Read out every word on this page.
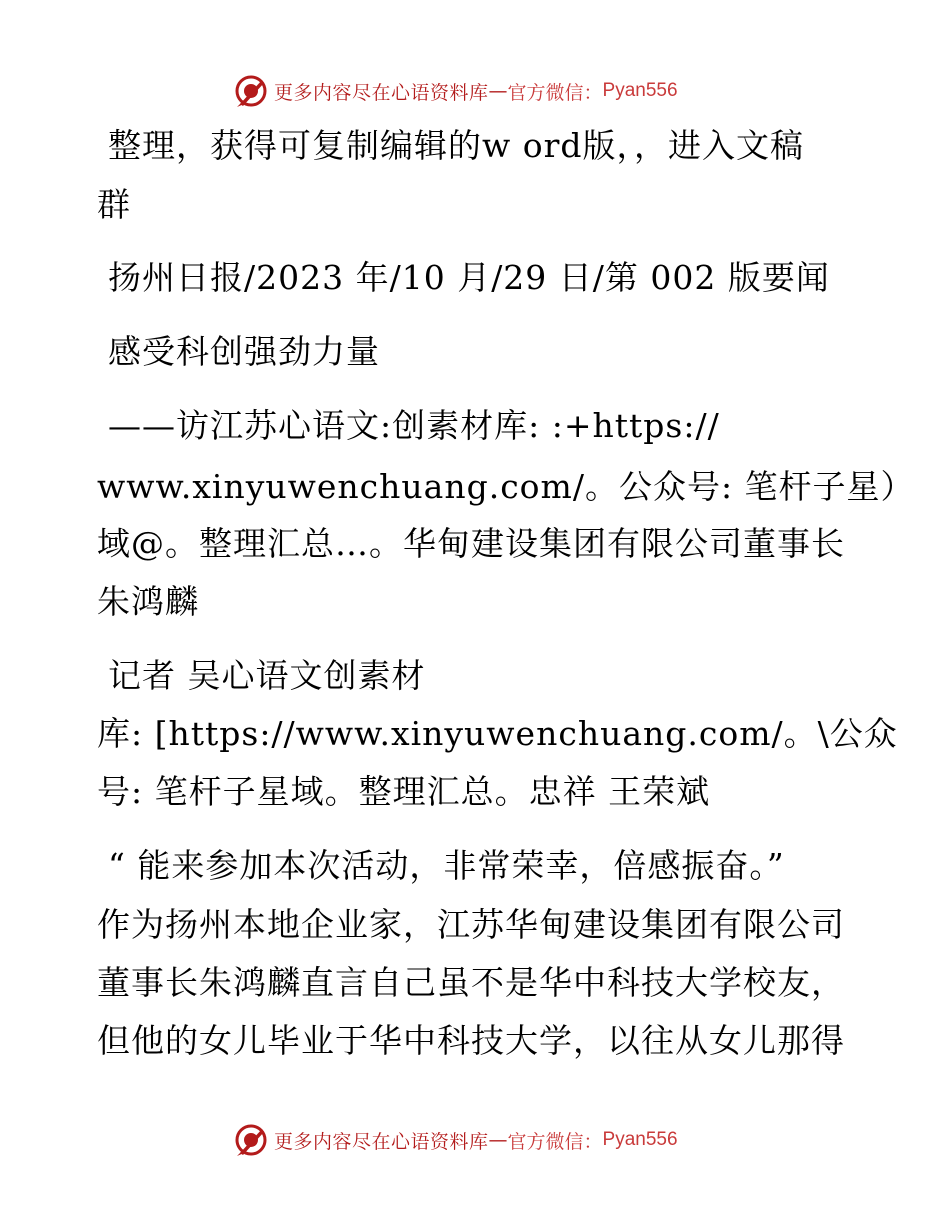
更多内容尽在心语资料库 — 官方微信： Pyan556
整理，获得可复制编辑的w ord版，，进入文稿
群
扬州日报/2023 年/10 月/29 日/第 002 版要闻
感受科创强劲力量
——访江苏心语文:创素材库: :+https://
www.xinyuwenchuang.com/。公众号: 笔杆子星）
域@。整理汇总…。华甸建设集团有限公司董事长
朱鸿麟
记者 吴心语文创素材
库: [https://www.xinyuwenchuang.com/。\公众
号: 笔杆子星域。整理汇总。忠祥 王荣斌
“ 能来参加本次活动，非常荣幸，倍感振奋。”
作为扬州本地企业家，江苏华甸建设集团有限公司
董事长朱鸿麟直言自己虽不是华中科技大学校友，
但他的女儿毕业于华中科技大学，以往从女儿那得
更多内容尽在心语资料库 — 官方微信： Pyan556
